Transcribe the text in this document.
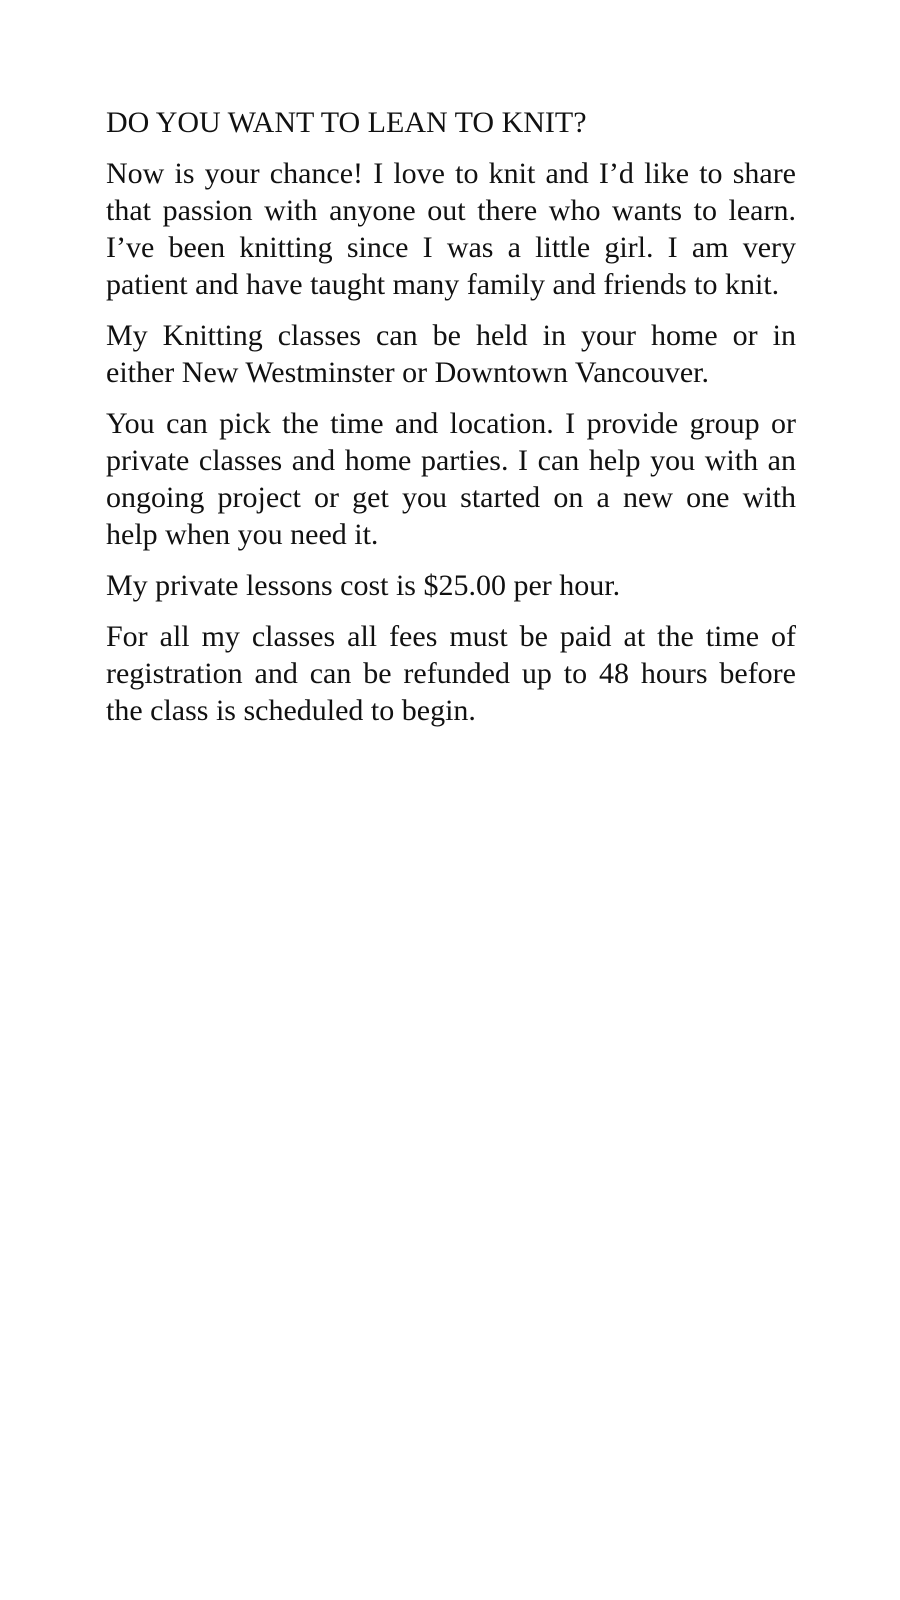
DO YOU WANT TO LEAN TO KNIT?

Now is your chance! I love to knit and I’d like to share that passion with anyone out there who wants to learn. I’ve been knitting since I was a little girl. I am very patient and have taught many family and friends to knit.

My Knitting classes can be held in your home or in either New Westminster or Downtown Vancouver.

You can pick the time and location. I provide group or private classes and home parties. I can help you with an ongoing project or get you started on a new one with help when you need it.

My private lessons cost is $25.00 per hour.

For all my classes all fees must be paid at the time of registration and can be refunded up to 48 hours before the class is scheduled to begin.
